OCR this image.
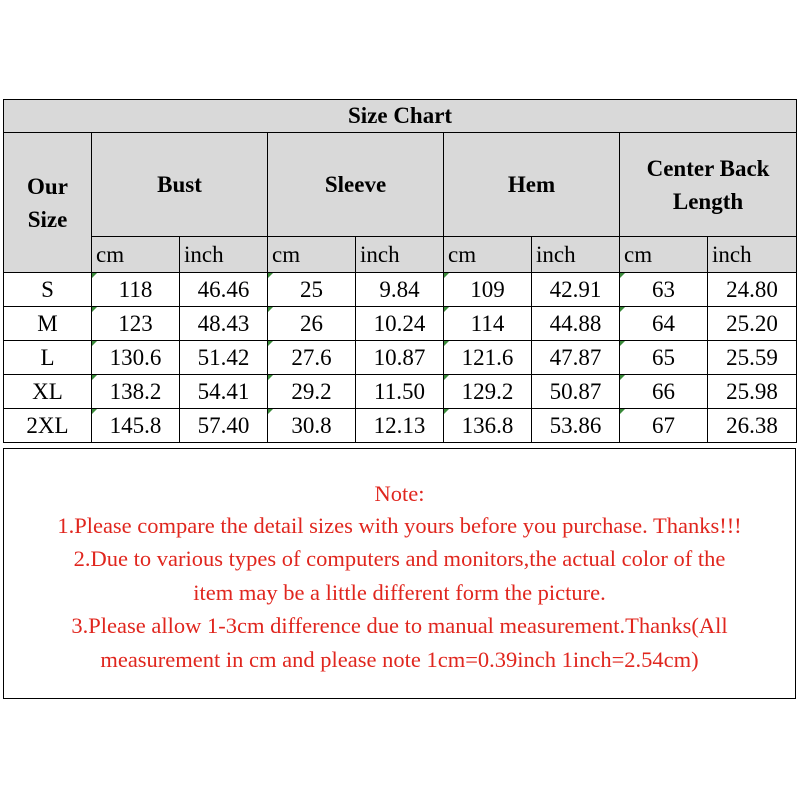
Size Chart								
Our Size	Bust		Sleeve		Hem		Center Back Length	
	cm	inch	cm	inch	cm	inch	cm	inch
S	118	46.46	25	9.84	109	42.91	63	24.80
M	123	48.43	26	10.24	114	44.88	64	25.20
L	130.6	51.42	27.6	10.87	121.6	47.87	65	25.59
XL	138.2	54.41	29.2	11.50	129.2	50.87	66	25.98
2XL	145.8	57.40	30.8	12.13	136.8	53.86	67	26.38
Note:
1.Please compare the detail sizes with yours before you purchase. Thanks!!!
2.Due to various types of computers and monitors,the actual color of the
item may be a little different form the picture.
3.Please allow 1-3cm difference due to manual measurement.Thanks(All
measurement in cm and please note 1cm=0.39inch 1inch=2.54cm)
